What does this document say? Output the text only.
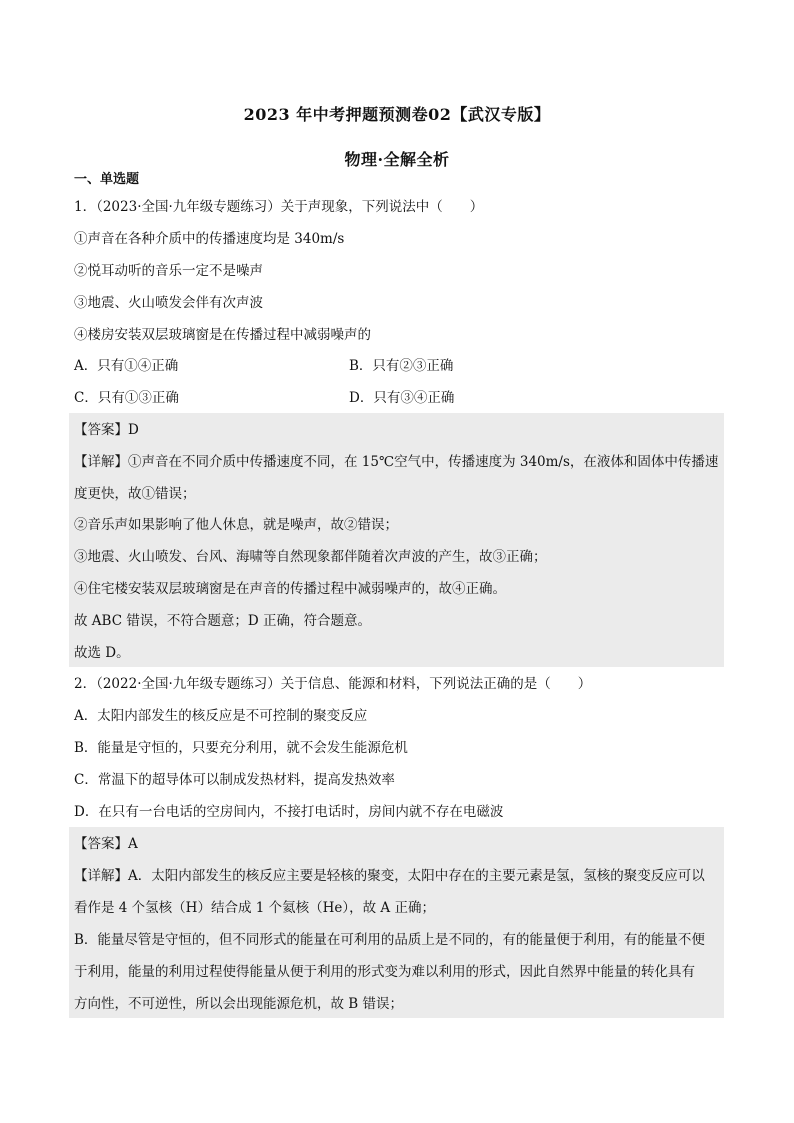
2023 年中考押题预测卷02【武汉专版】
物理·全解全析
一、单选题
1．（2023·全国·九年级专题练习）关于声现象，下列说法中（　　）
①声音在各种介质中的传播速度均是 340m/s
②悦耳动听的音乐一定不是噪声
③地震、火山喷发会伴有次声波
④楼房安装双层玻璃窗是在传播过程中减弱噪声的
A．只有①④正确	B．只有②③正确
C．只有①③正确	D．只有③④正确
【答案】D
【详解】①声音在不同介质中传播速度不同，在 15℃空气中，传播速度为 340m/s，在液体和固体中传播速
度更快，故①错误；
②音乐声如果影响了他人休息，就是噪声，故②错误；
③地震、火山喷发、台风、海啸等自然现象都伴随着次声波的产生，故③正确；
④住宅楼安装双层玻璃窗是在声音的传播过程中减弱噪声的，故④正确。
故 ABC 错误，不符合题意；D 正确，符合题意。
故选 D。
2．（2022·全国·九年级专题练习）关于信息、能源和材料，下列说法正确的是（　　）
A．太阳内部发生的核反应是不可控制的聚变反应
B．能量是守恒的，只要充分利用，就不会发生能源危机
C．常温下的超导体可以制成发热材料，提高发热效率
D．在只有一台电话的空房间内，不接打电话时，房间内就不存在电磁波
【答案】A
【详解】A．太阳内部发生的核反应主要是轻核的聚变，太阳中存在的主要元素是氢，氢核的聚变反应可以
看作是 4 个氢核（H）结合成 1 个氦核（He），故 A 正确；
B．能量尽管是守恒的，但不同形式的能量在可利用的品质上是不同的，有的能量便于利用，有的能量不便
于利用，能量的利用过程使得能量从便于利用的形式变为难以利用的形式，因此自然界中能量的转化具有
方向性，不可逆性，所以会出现能源危机，故 B 错误；
